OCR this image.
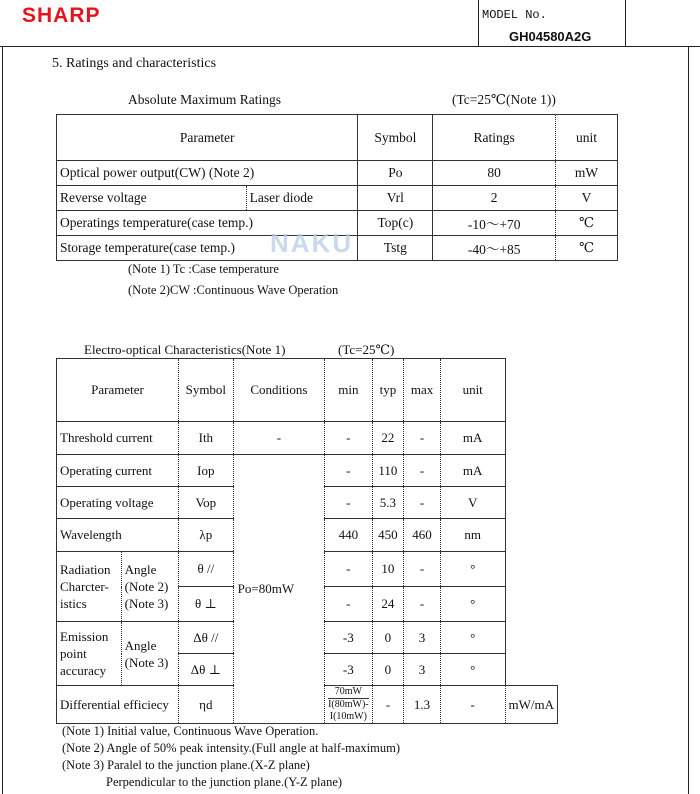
SHARP	MODEL No.
GH04580A2G
5. Ratings and characteristics
Absolute Maximum Ratings	(Tc=25℃(Note 1))
Parameter		Symbol	Ratings	unit
Optical power output(CW) (Note 2)		Po	80	mW
Reverse voltage	Laser diode	Vrl	2	V
Operatings temperature(case temp.)		Top(c)	-10～+70	℃
Storage temperature(case temp.)		Tstg	-40～+85	℃
NAKU
(Note 1) Tc :Case temperature
(Note 2)CW :Continuous Wave Operation
Electro-optical Characteristics(Note 1)	(Tc=25℃)
Parameter		Symbol	Conditions	min	typ	max	unit	
Threshold current		Ith	-	-	22	-	mA	
Operating current		Iop	Po=80mW	-	110	-	mA	
Operating voltage		Vop		-	5.3	-	V	
Wavelength		λp		440	450	460	nm	
Radiation Charcter- istics	Angle (Note 2) (Note 3)	θ //		-	10	-	°	
		θ ⊥		-	24	-	°	
Emission point accuracy	Angle (Note 3)	Δθ //		-3	0	3	°	
		Δθ ⊥		-3	0	3	°	
Differential efficiecy		ηd		$\frac{70mW}{I(80mW)-I(10mW)}$	-	1.3	-	mW/mA
(Note 1) Initial value, Continuous Wave Operation.
(Note 2) Angle of 50% peak intensity.(Full angle at half-maximum)
(Note 3) Paralel to the junction plane.(X-Z plane)
Perpendicular to the junction plane.(Y-Z plane)
